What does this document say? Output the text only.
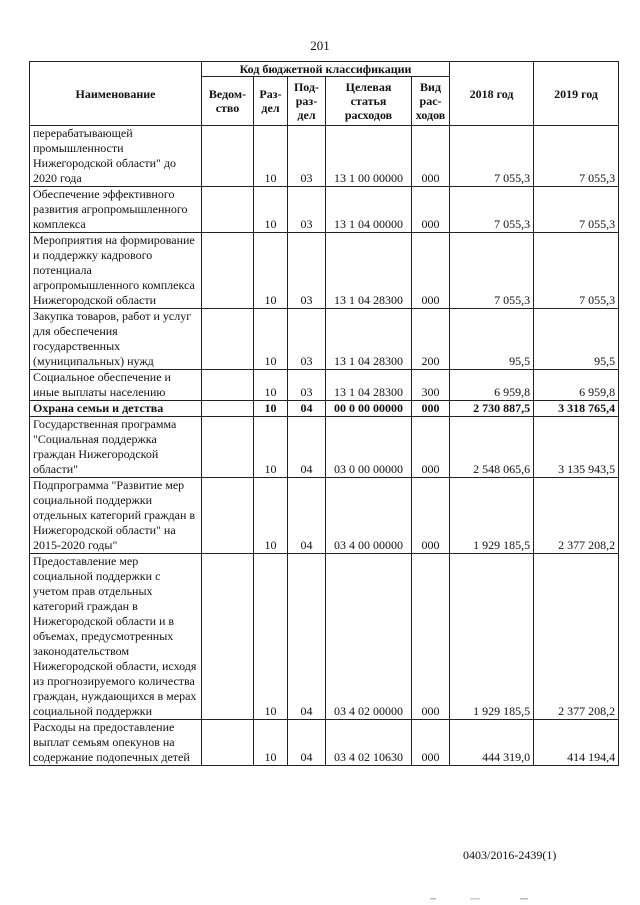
201
Наименование	Код бюджетной классификации					2018 год	2019 год
	Ведом-ство	Раз-дел	Под-раз-дел	Целевая статья расходов	Вид рас-ходов		
перерабатывающей промышленности Нижегородской области" до 2020 года		10	03	13 1 00 00000	000	7 055,3	7 055,3
Обеспечение эффективного развития агропромышленного комплекса		10	03	13 1 04 00000	000	7 055,3	7 055,3
Мероприятия на формирование и поддержку кадрового потенциала агропромышленного комплекса Нижегородской области		10	03	13 1 04 28300	000	7 055,3	7 055,3
Закупка товаров, работ и услуг для обеспечения государственных (муниципальных) нужд		10	03	13 1 04 28300	200	95,5	95,5
Социальное обеспечение и иные выплаты населению		10	03	13 1 04 28300	300	6 959,8	6 959,8
Охрана семьи и детства		10	04	00 0 00 00000	000	2 730 887,5	3 318 765,4
Государственная программа "Социальная поддержка граждан Нижегородской области"		10	04	03 0 00 00000	000	2 548 065,6	3 135 943,5
Подпрограмма "Развитие мер социальной поддержки отдельных категорий граждан в Нижегородской области" на 2015-2020 годы"		10	04	03 4 00 00000	000	1 929 185,5	2 377 208,2
Предоставление мер социальной поддержки с учетом прав отдельных категорий граждан в Нижегородской области и в объемах, предусмотренных законодательством Нижегородской области, исходя из прогнозируемого количества граждан, нуждающихся в мерах социальной поддержки		10	04	03 4 02 00000	000	1 929 185,5	2 377 208,2
Расходы на предоставление выплат семьям опекунов на содержание подопечных детей		10	04	03 4 02 10630	000	444 319,0	414 194,4
0403/2016-2439(1)
